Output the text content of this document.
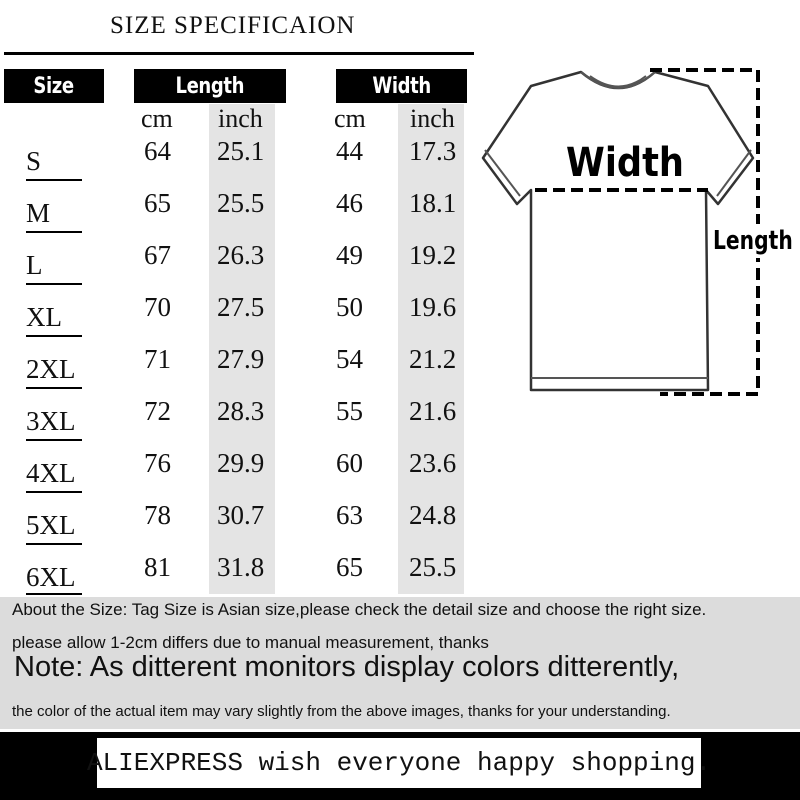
SIZE SPECIFICAION
Size	Length	Width
cm inch	cm inch
S	64 25.1	44 17.3
M	65 25.5	46 18.1
L	67 26.3	49 19.2
XL	70 27.5	50 19.6
2XL	71 27.9	54 21.2
3XL	72 28.3	55 21.6
4XL	76 29.9	60 23.6
5XL	78 30.7	63 24.8
6XL	81 31.8	65 25.5
Width
Length
About the Size: Tag Size is Asian size,please check the detail size and choose the right size.
please allow 1-2cm differs due to manual measurement, thanks
Note: As ditterent monitors display colors ditterently,
the color of the actual item may vary slightly from the above images, thanks for your understanding.
ALIEXPRESS wish everyone happy shopping.
